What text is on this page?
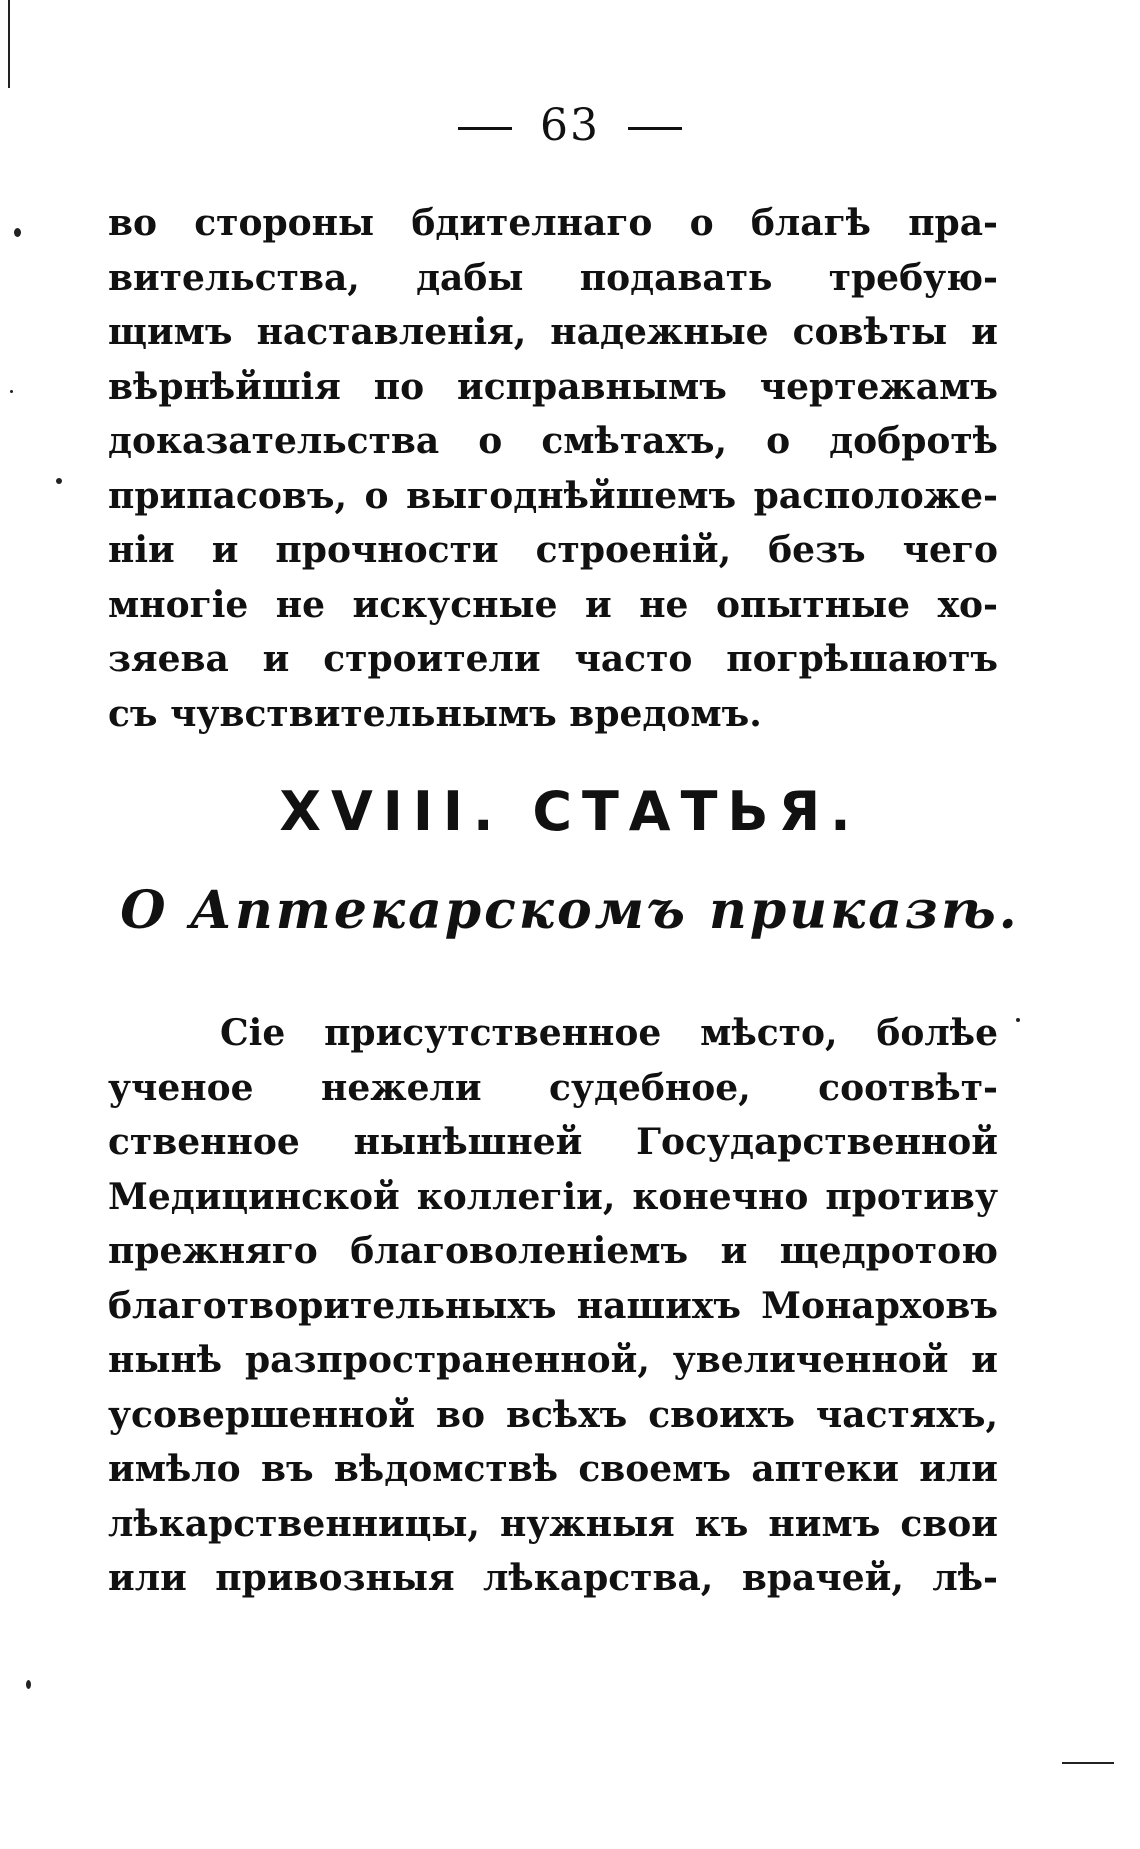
63
во стороны бдителнаго о благѣ пра-
вительства, дабы подавать требую-
щимъ наставленія, надежные совѣты и
вѣрнѣйшія по исправнымъ чертежамъ
доказательства о смѣтахъ, о добротѣ
припасовъ, о выгоднѣйшемъ расположе-
ніи и прочности строеній, безъ чего
многіе не искусные и не опытные хо-
зяева и строители часто погрѣшаютъ
съ чувствительнымъ вредомъ.
XVIII. СТАТЬЯ.
О Аптекарскомъ приказѣ.
Сіе присутственное мѣсто, болѣе
ученое нежели судебное, соотвѣт-
ственное нынѣшней Государственной
Медицинской коллегіи, конечно противу
прежняго благоволеніемъ и щедротою
благотворительныхъ нашихъ Монарховъ
нынѣ разпространенной, увеличенной и
усовершенной во всѣхъ своихъ частяхъ,
имѣло въ вѣдомствѣ своемъ аптеки или
лѣкарственницы, нужныя къ нимъ свои
или привозныя лѣкарства, врачей, лѣ-
